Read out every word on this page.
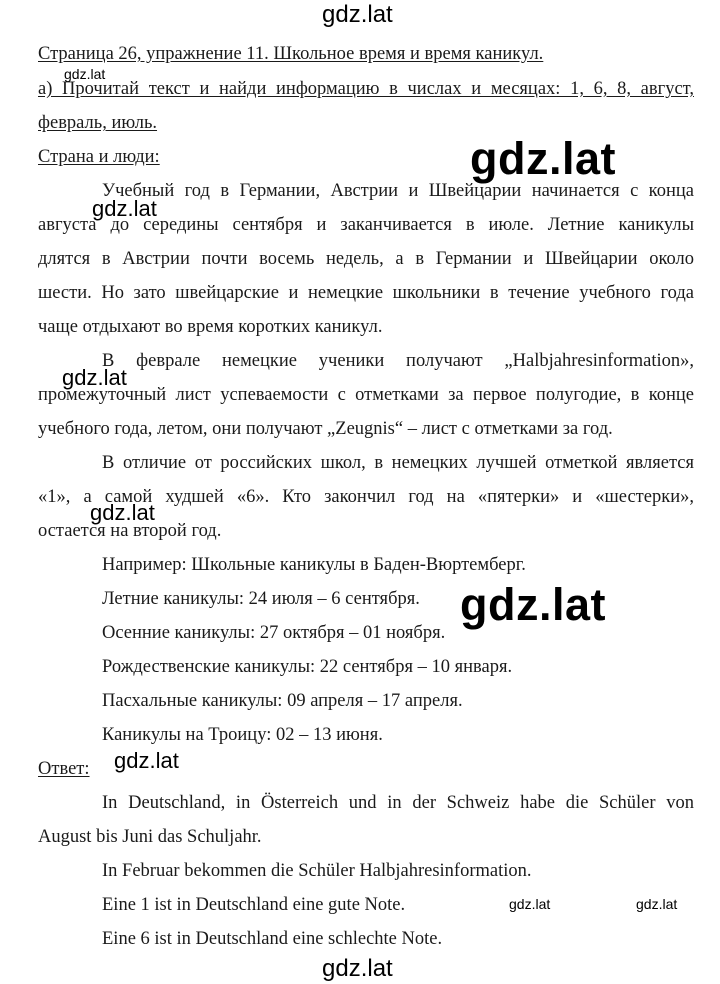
gdz.lat
gdz.lat
gdz.lat
gdz.lat
gdz.lat
gdz.lat
gdz.lat
gdz.lat
gdz.lat	gdz.lat
gdz.lat
Страница 26, упражнение 11. Школьное время и время каникул.
а) Прочитай текст и найди информацию в числах и месяцах: 1, 6, 8, август,
февраль, июль.
Страна и люди:
Учебный год в Германии, Австрии и Швейцарии начинается с конца
августа до середины сентября и заканчивается в июле. Летние каникулы
длятся в Австрии почти восемь недель, а в Германии и Швейцарии около
шести. Но зато швейцарские и немецкие школьники в течение учебного года
чаще отдыхают во время коротких каникул.
В феврале немецкие ученики получают „Halbjahresinformation»,
промежуточный лист успеваемости с отметками за первое полугодие, в конце
учебного года, летом, они получают „Zeugnis“ – лист с отметками за год.
В отличие от российских школ, в немецких лучшей отметкой является
«1», а самой худшей «6». Кто закончил год на «пятерки» и «шестерки»,
остается на второй год.
Например: Школьные каникулы в Баден-Вюртемберг.
Летние каникулы: 24 июля – 6 сентября.
Осенние каникулы: 27 октября – 01 ноября.
Рождественские каникулы: 22 сентября – 10 января.
Пасхальные каникулы: 09 апреля – 17 апреля.
Каникулы на Троицу: 02 – 13 июня.
Ответ:
In Deutschland, in Österreich und in der Schweiz habe die Schüler von
August bis Juni das Schuljahr.
In Februar bekommen die Schüler Halbjahresinformation.
Eine 1 ist in Deutschland eine gute Note.
Eine 6 ist in Deutschland eine schlechte Note.
